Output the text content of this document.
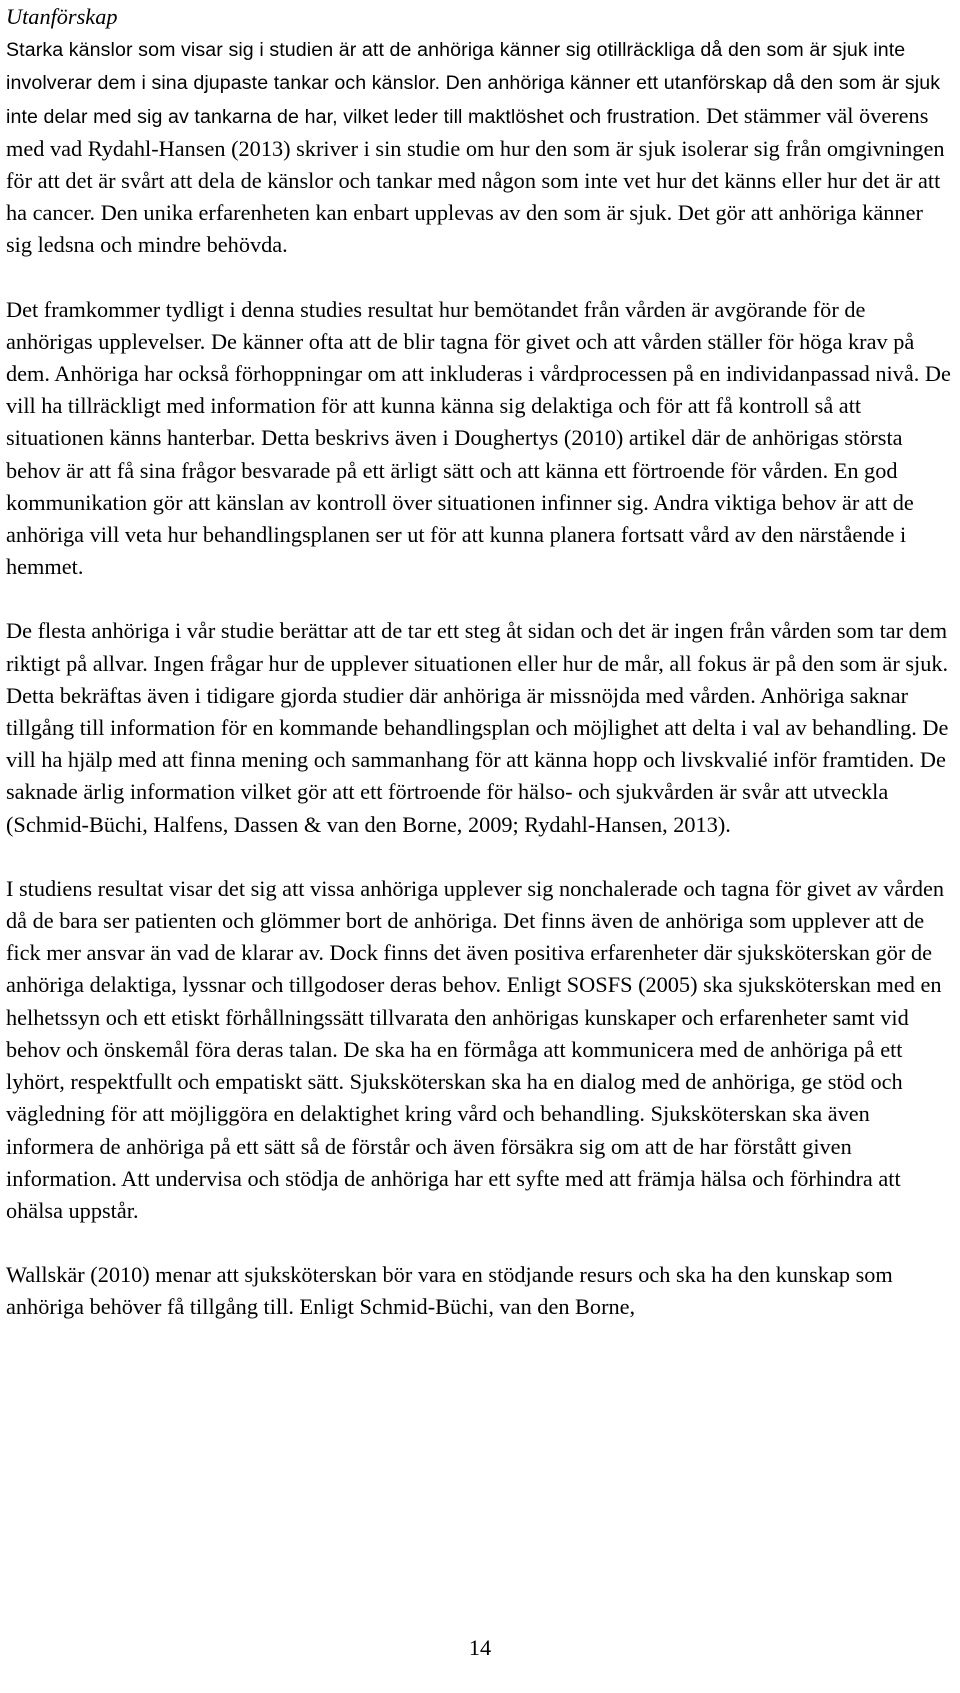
Utanförskap

Starka känslor som visar sig i studien är att de anhöriga känner sig otillräckliga då den som är sjuk inte involverar dem i sina djupaste tankar och känslor. Den anhöriga känner ett utanförskap då den som är sjuk inte delar med sig av tankarna de har, vilket leder till maktlöshet och frustration. Det stämmer väl överens med vad Rydahl-Hansen (2013) skriver i sin studie om hur den som är sjuk isolerar sig från omgivningen för att det är svårt att dela de känslor och tankar med någon som inte vet hur det känns eller hur det är att ha cancer. Den unika erfarenheten kan enbart upplevas av den som är sjuk. Det gör att anhöriga känner sig ledsna och mindre behövda.

Det framkommer tydligt i denna studies resultat hur bemötandet från vården är avgörande för de anhörigas upplevelser. De känner ofta att de blir tagna för givet och att vården ställer för höga krav på dem. Anhöriga har också förhoppningar om att inkluderas i vårdprocessen på en individanpassad nivå. De vill ha tillräckligt med information för att kunna känna sig delaktiga och för att få kontroll så att situationen känns hanterbar. Detta beskrivs även i Doughertys (2010) artikel där de anhörigas största behov är att få sina frågor besvarade på ett ärligt sätt och att känna ett förtroende för vården. En god kommunikation gör att känslan av kontroll över situationen infinner sig. Andra viktiga behov är att de anhöriga vill veta hur behandlingsplanen ser ut för att kunna planera fortsatt vård av den närstående i hemmet.

De flesta anhöriga i vår studie berättar att de tar ett steg åt sidan och det är ingen från vården som tar dem riktigt på allvar. Ingen frågar hur de upplever situationen eller hur de mår, all fokus är på den som är sjuk. Detta bekräftas även i tidigare gjorda studier där anhöriga är missnöjda med vården. Anhöriga saknar tillgång till information för en kommande behandlingsplan och möjlighet att delta i val av behandling. De vill ha hjälp med att finna mening och sammanhang för att känna hopp och livskvalié inför framtiden. De saknade ärlig information vilket gör att ett förtroende för hälso- och sjukvården är svår att utveckla (Schmid-Büchi, Halfens, Dassen & van den Borne, 2009; Rydahl-Hansen, 2013).

I studiens resultat visar det sig att vissa anhöriga upplever sig nonchalerade och tagna för givet av vården då de bara ser patienten och glömmer bort de anhöriga. Det finns även de anhöriga som upplever att de fick mer ansvar än vad de klarar av. Dock finns det även positiva erfarenheter där sjuksköterskan gör de anhöriga delaktiga, lyssnar och tillgodoser deras behov. Enligt SOSFS (2005) ska sjuksköterskan med en helhetssyn och ett etiskt förhållningssätt tillvarata den anhörigas kunskaper och erfarenheter samt vid behov och önskemål föra deras talan. De ska ha en förmåga att kommunicera med de anhöriga på ett lyhört, respektfullt och empatiskt sätt. Sjuksköterskan ska ha en dialog med de anhöriga, ge stöd och vägledning för att möjliggöra en delaktighet kring vård och behandling. Sjuksköterskan ska även informera de anhöriga på ett sätt så de förstår och även försäkra sig om att de har förstått given information. Att undervisa och stödja de anhöriga har ett syfte med att främja hälsa och förhindra att ohälsa uppstår.

Wallskär (2010) menar att sjuksköterskan bör vara en stödjande resurs och ska ha den kunskap som anhöriga behöver få tillgång till. Enligt Schmid-Büchi, van den Borne,

14
